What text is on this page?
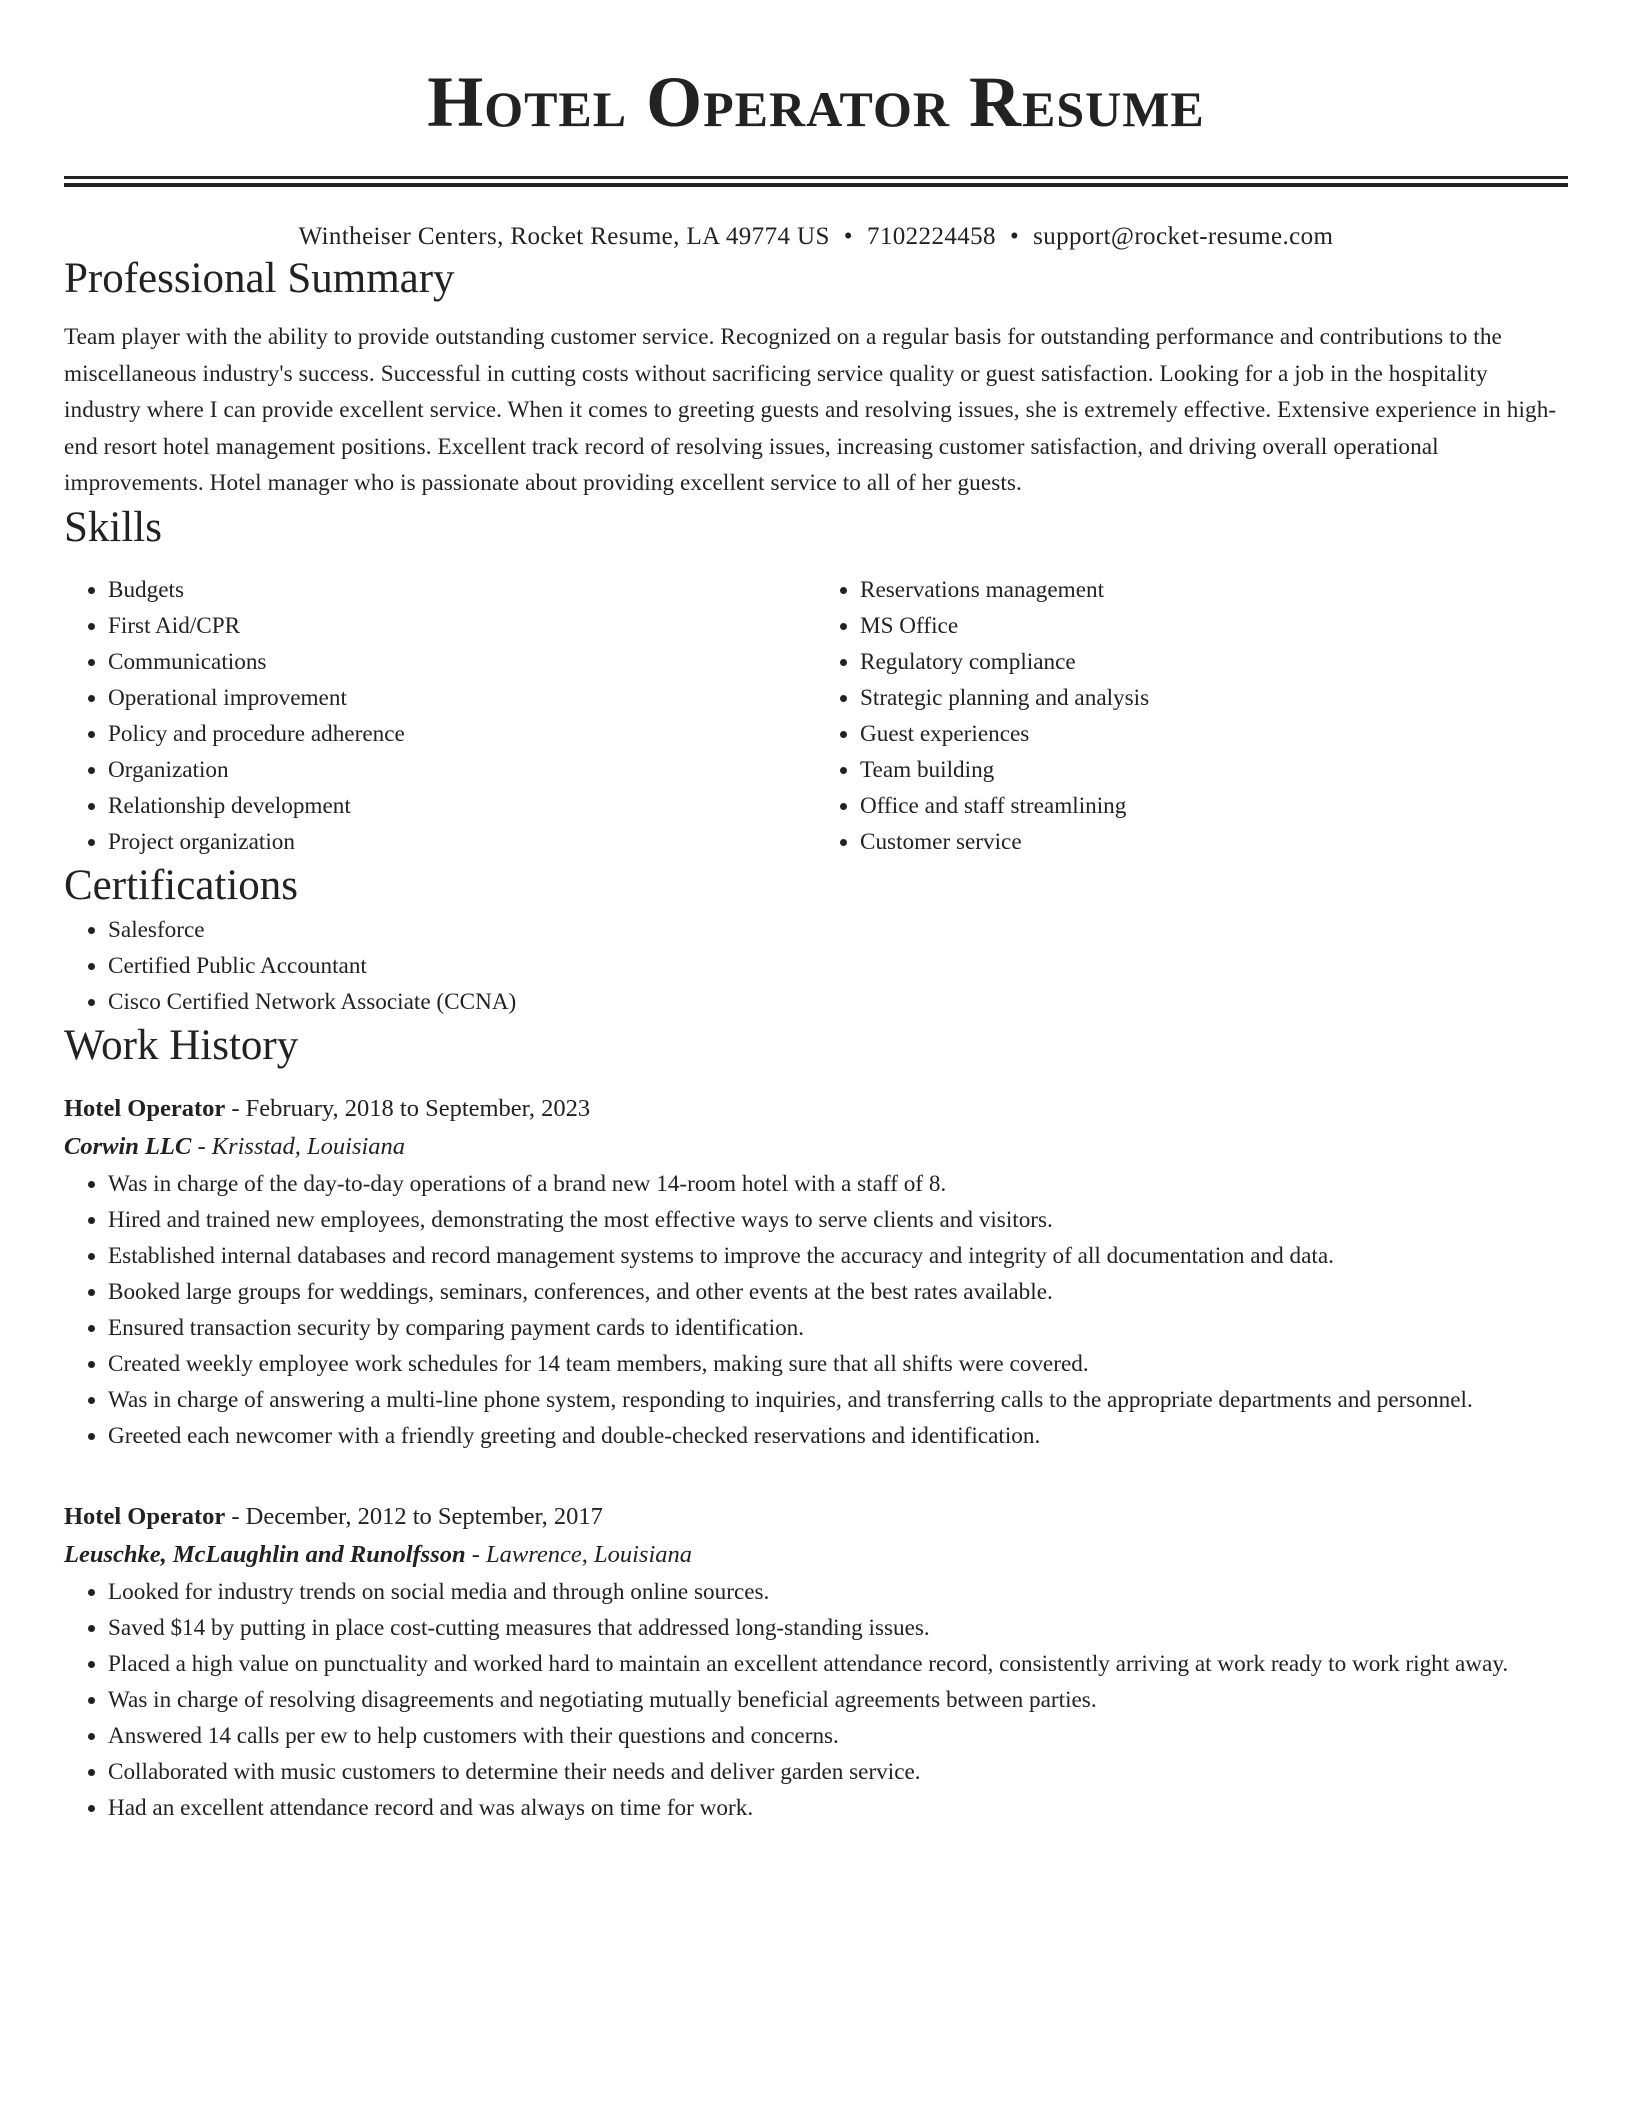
Hotel Operator Resume
Wintheiser Centers, Rocket Resume, LA 49774 US • 7102224458 • support@rocket-resume.com
Professional Summary

Team player with the ability to provide outstanding customer service. Recognized on a regular basis for outstanding performance and contributions to the miscellaneous industry's success. Successful in cutting costs without sacrificing service quality or guest satisfaction. Looking for a job in the hospitality industry where I can provide excellent service. When it comes to greeting guests and resolving issues, she is extremely effective. Extensive experience in high-end resort hotel management positions. Excellent track record of resolving issues, increasing customer satisfaction, and driving overall operational improvements. Hotel manager who is passionate about providing excellent service to all of her guests.

Skills
• Budgets
• First Aid/CPR
• Communications
• Operational improvement
• Policy and procedure adherence
• Organization
• Relationship development
• Project organization
• Reservations management
• MS Office
• Regulatory compliance
• Strategic planning and analysis
• Guest experiences
• Team building
• Office and staff streamlining
• Customer service
Certifications
• Salesforce
• Certified Public Accountant
• Cisco Certified Network Associate (CCNA)
Work History
Hotel Operator - February, 2018 to September, 2023
Corwin LLC - Krisstad, Louisiana
• Was in charge of the day-to-day operations of a brand new 14-room hotel with a staff of 8.
• Hired and trained new employees, demonstrating the most effective ways to serve clients and visitors.
• Established internal databases and record management systems to improve the accuracy and integrity of all documentation and data.
• Booked large groups for weddings, seminars, conferences, and other events at the best rates available.
• Ensured transaction security by comparing payment cards to identification.
• Created weekly employee work schedules for 14 team members, making sure that all shifts were covered.
• Was in charge of answering a multi-line phone system, responding to inquiries, and transferring calls to the appropriate departments and personnel.
• Greeted each newcomer with a friendly greeting and double-checked reservations and identification.
Hotel Operator - December, 2012 to September, 2017
Leuschke, McLaughlin and Runolfsson - Lawrence, Louisiana
• Looked for industry trends on social media and through online sources.
• Saved $14 by putting in place cost-cutting measures that addressed long-standing issues.
• Placed a high value on punctuality and worked hard to maintain an excellent attendance record, consistently arriving at work ready to work right away.
• Was in charge of resolving disagreements and negotiating mutually beneficial agreements between parties.
• Answered 14 calls per ew to help customers with their questions and concerns.
• Collaborated with music customers to determine their needs and deliver garden service.
• Had an excellent attendance record and was always on time for work.
